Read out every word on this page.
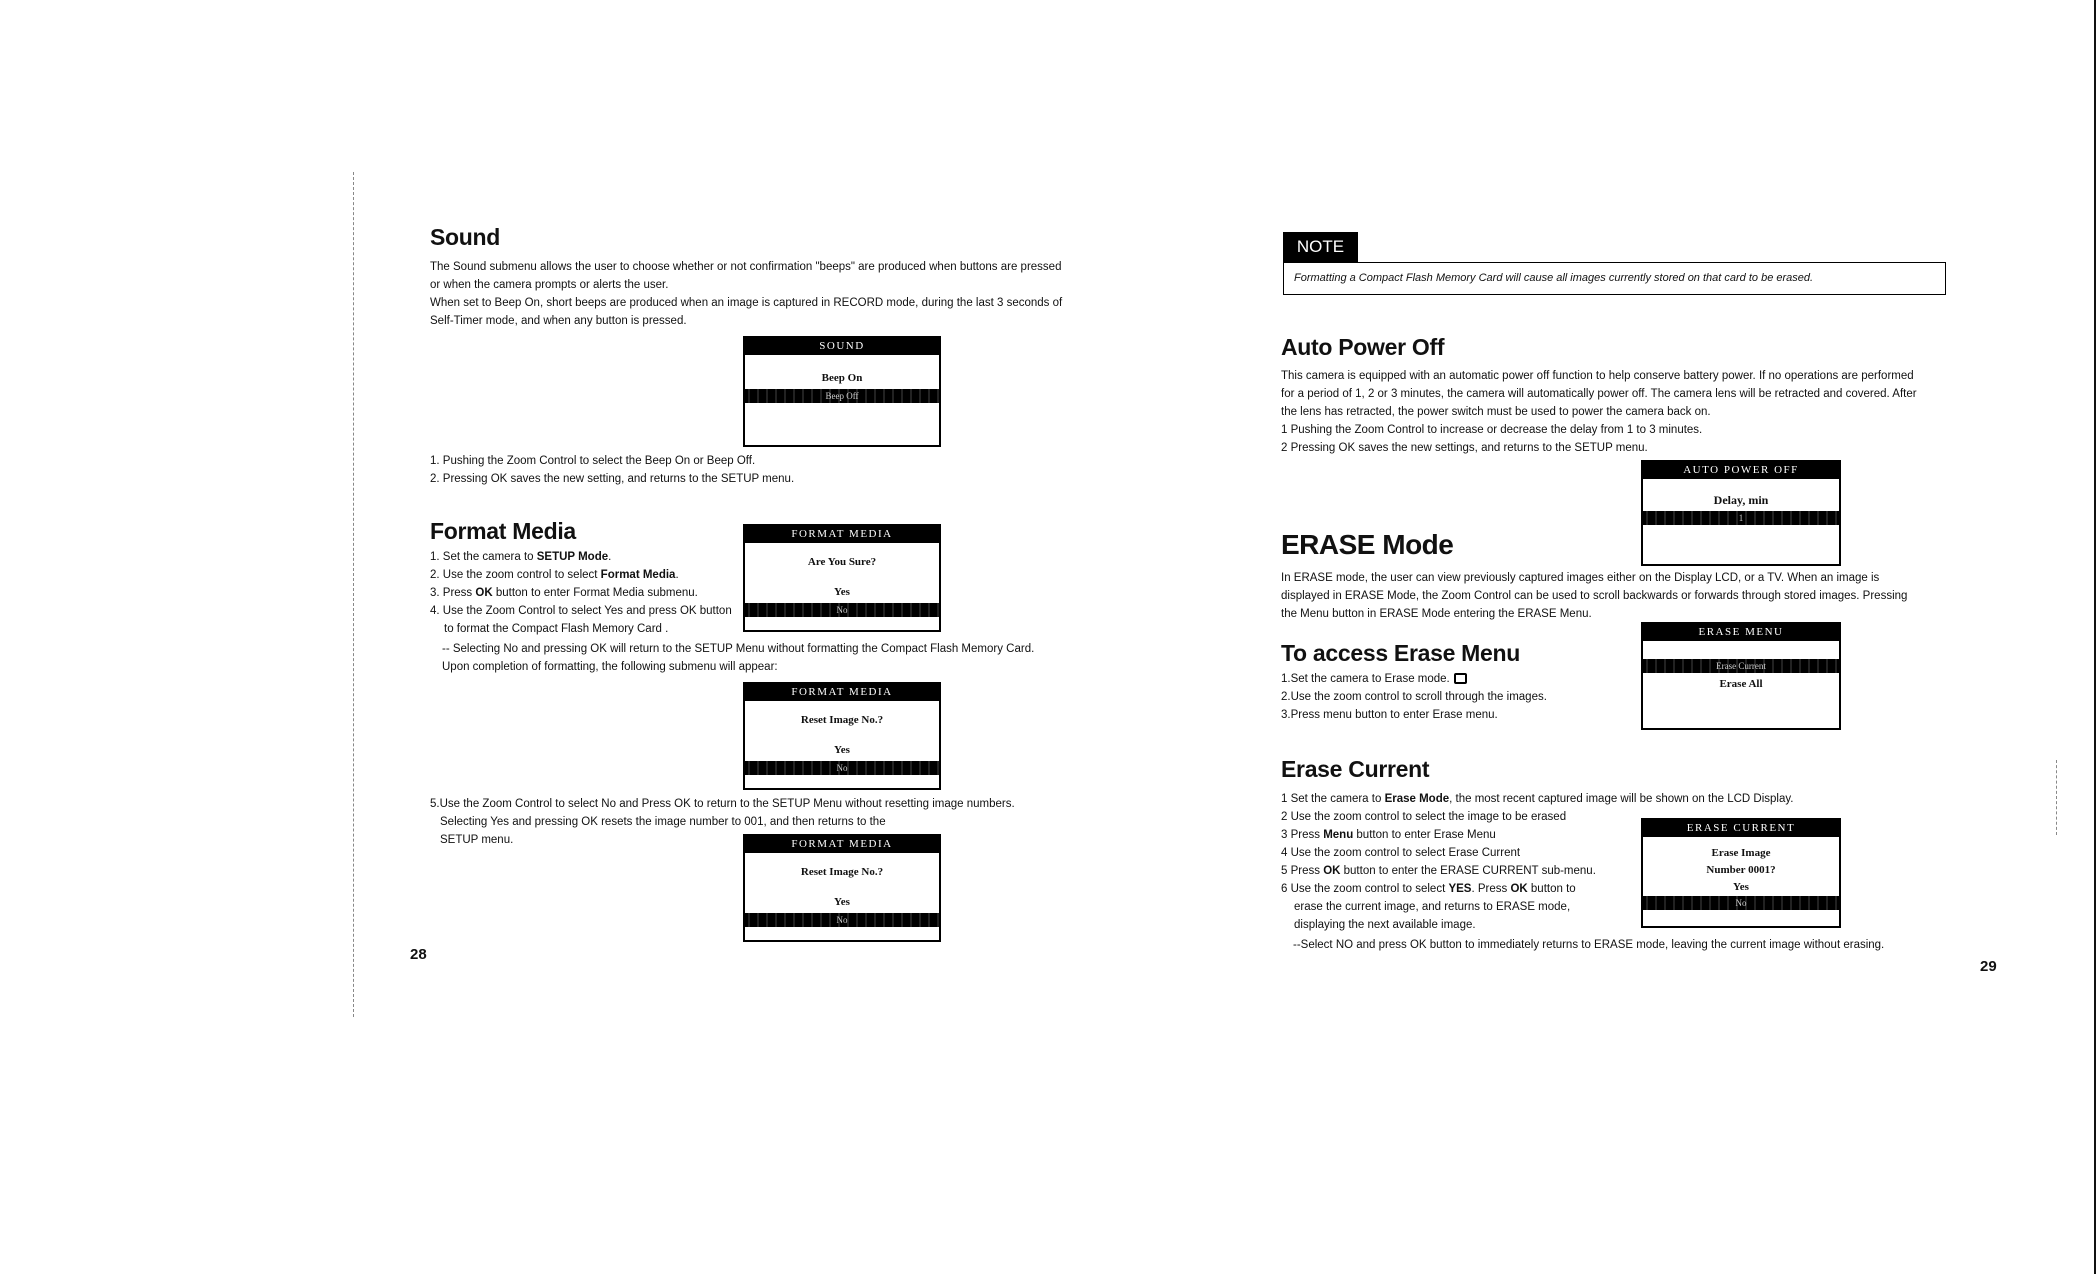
Sound
The Sound submenu allows the user to choose whether or not confirmation "beeps" are produced when buttons are pressed
or when the camera prompts or alerts the user.
When set to Beep On, short beeps are produced when an image is captured in RECORD mode, during the last 3 seconds of
Self-Timer mode, and when any button is pressed.
SOUND
Beep On
Beep Off
1. Pushing the Zoom Control to select the Beep On or Beep Off.
2. Pressing OK saves the new setting, and returns to the SETUP menu.
Format Media
1. Set the camera to SETUP Mode.
2. Use the zoom control to select Format Media.
3. Press OK button to enter Format Media submenu.
4. Use the Zoom Control to select Yes and press OK button to format the Compact Flash Memory Card .
FORMAT MEDIA
Are You Sure?
Yes
No
-- Selecting No and pressing OK will return to the SETUP Menu without formatting the Compact Flash Memory Card.
Upon completion of formatting, the following submenu will appear:
FORMAT MEDIA
Reset Image No.?
Yes
No
5.Use the Zoom Control to select No and Press OK to return to the SETUP Menu without resetting image numbers.
Selecting Yes and pressing OK resets the image number to 001, and then returns to the
SETUP menu.	FORMAT MEDIA
Reset Image No.?
Yes
No
28
NOTE
Formatting a Compact Flash Memory Card will cause all images currently stored on that card to be erased.
Auto Power Off
This camera is equipped with an automatic power off function to help conserve battery power. If no operations are performed
for a period of 1, 2 or 3 minutes, the camera will automatically power off. The camera lens will be retracted and covered. After
the lens has retracted, the power switch must be used to power the camera back on.
1 Pushing the Zoom Control to increase or decrease the delay from 1 to 3 minutes.
2 Pressing OK saves the new settings, and returns to the SETUP menu.
AUTO POWER OFF
Delay, min
1
ERASE Mode
In ERASE mode, the user can view previously captured images either on the Display LCD, or a TV. When an image is
displayed in ERASE Mode, the Zoom Control can be used to scroll backwards or forwards through stored images. Pressing
the Menu button in ERASE Mode entering the ERASE Menu.
To access Erase Menu
1.Set the camera to Erase mode.
2.Use the zoom control to scroll through the images.
3.Press menu button to enter Erase menu.
ERASE MENU
Erase Current
Erase All
Erase Current
1 Set the camera to Erase Mode, the most recent captured image will be shown on the LCD Display.
2 Use the zoom control to select the image to be erased
3 Press Menu button to enter Erase Menu
4 Use the zoom control to select Erase Current
5 Press OK button to enter the ERASE CURRENT sub-menu.
6 Use the zoom control to select YES. Press OK button to
erase the current image, and returns to ERASE mode,
displaying the next available image.
ERASE CURRENT
Erase Image
Number 0001?
Yes
No
--Select NO and press OK button to immediately returns to ERASE mode, leaving the current image without erasing.
29
